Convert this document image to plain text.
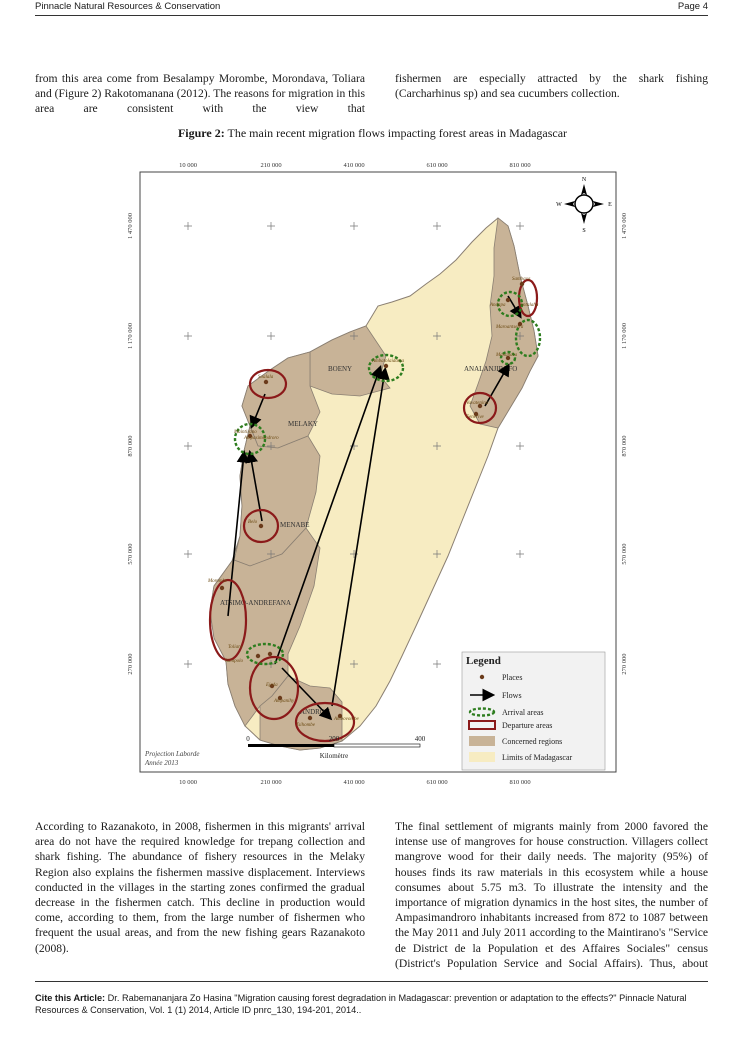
Pinnacle Natural Resources & Conservation	Page 4

from this area come from Besalampy Morombe, Morondava, Toliara and (Figure 2) Rakotomanana (2012). The reasons for migration in this area are consistent with the view that

fishermen are especially attracted by the shark fishing (Carcharhinus sp) and sea cucumbers collection.

Figure 2: The main recent migration flows impacting forest areas in Madagascar
10 000	210 000	410 000	610 000	810 000
10 000	210 000	410 000	610 000	810 000
1 470 000
1 170 000
870 000
570 000
270 000
1 470 000
1 170 000
870 000
570 000
270 000
N
S
W	E
BOENY
MELAKY
MENABE
ATSIMO-ANDREFANA
ANDROY
ANALANJIROFO
Soalala
Ambatolaidama
Maintirano
Ampasimandroro
Belo
Morombe
Toliara
Itampolo
Ejeda
Ampanihy
Tsihombe
Ambovombe
Sambava
Antalaha
Andapa
Maroantsetra
Mananara
Fenerive
Vavatenina
Projection Laborde
Année 2013
0	200	400
Kilomètre
Legend
Places
Flows
Arrival areas
Departure areas
Concerned regions
Limits of Madagascar

According to Razanakoto, in 2008, fishermen in this migrants' arrival area do not have the required knowledge for trepang collection and shark fishing. The abundance of fishery resources in the Melaky Region also explains the fishermen massive displacement. Interviews conducted in the villages in the starting zones confirmed the gradual decrease in the fishermen catch. This decline in production would come, according to them, from the large number of fishermen who frequent the usual areas, and from the new fishing gears Razanakoto (2008).

The final settlement of migrants mainly from 2000 favored the intense use of mangroves for house construction. Villagers collect mangrove wood for their daily needs. The majority (95%) of houses finds its raw materials in this ecosystem while a house consumes about 5.75 m3. To illustrate the intensity and the importance of migration dynamics in the host sites, the number of Ampasimandroro inhabitants increased from 872 to 1087 between the May 2011 and July 2011 according to the Maintirano's "Service de District de la Population et des Affaires Sociales" census (District's Population Service and Social Affairs). Thus, about

Cite this Article: Dr. Rabemananjara Zo Hasina "Migration causing forest degradation in Madagascar: prevention or adaptation to the effects?" Pinnacle Natural Resources & Conservation, Vol. 1 (1) 2014, Article ID pnrc_130, 194-201, 2014..
